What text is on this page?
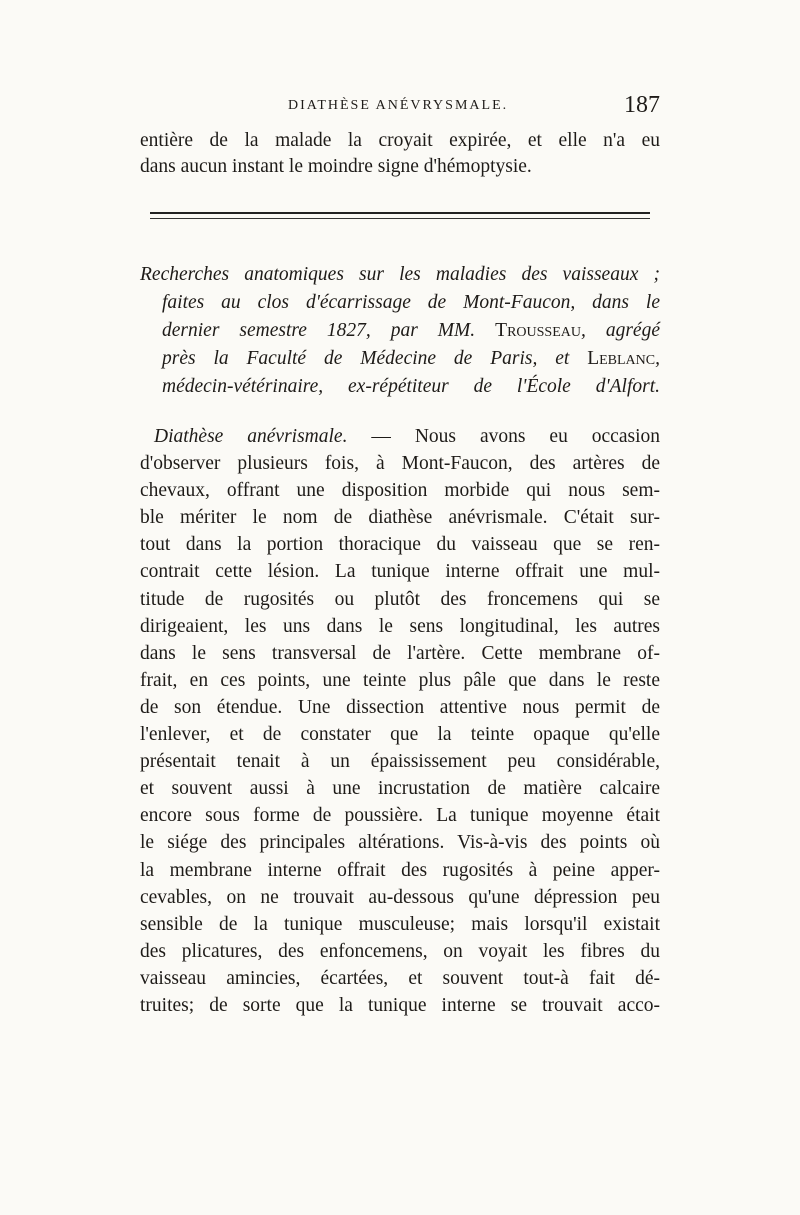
DIATHÈSE ANÉVRYSMALE.	187
entière de la malade la croyait expirée, et elle n'a eu
dans aucun instant le moindre signe d'hémoptysie.
Recherches anatomiques sur les maladies des vaisseaux ;
faites au clos d'écarrissage de Mont-Faucon, dans le
dernier semestre 1827, par MM. Trousseau, agrégé
près la Faculté de Médecine de Paris, et Leblanc,
médecin-vétérinaire, ex-répétiteur de l'École d'Alfort.
Diathèse anévrismale. — Nous avons eu occasion
d'observer plusieurs fois, à Mont-Faucon, des artères de
chevaux, offrant une disposition morbide qui nous sem-
ble mériter le nom de diathèse anévrismale. C'était sur-
tout dans la portion thoracique du vaisseau que se ren-
contrait cette lésion. La tunique interne offrait une mul-
titude de rugosités ou plutôt des froncemens qui se
dirigeaient, les uns dans le sens longitudinal, les autres
dans le sens transversal de l'artère. Cette membrane of-
frait, en ces points, une teinte plus pâle que dans le reste
de son étendue. Une dissection attentive nous permit de
l'enlever, et de constater que la teinte opaque qu'elle
présentait tenait à un épaississement peu considérable,
et souvent aussi à une incrustation de matière calcaire
encore sous forme de poussière. La tunique moyenne était
le siége des principales altérations. Vis-à-vis des points où
la membrane interne offrait des rugosités à peine apper-
cevables, on ne trouvait au-dessous qu'une dépression peu
sensible de la tunique musculeuse; mais lorsqu'il existait
des plicatures, des enfoncemens, on voyait les fibres du
vaisseau amincies, écartées, et souvent tout-à fait dé-
truites; de sorte que la tunique interne se trouvait acco-
